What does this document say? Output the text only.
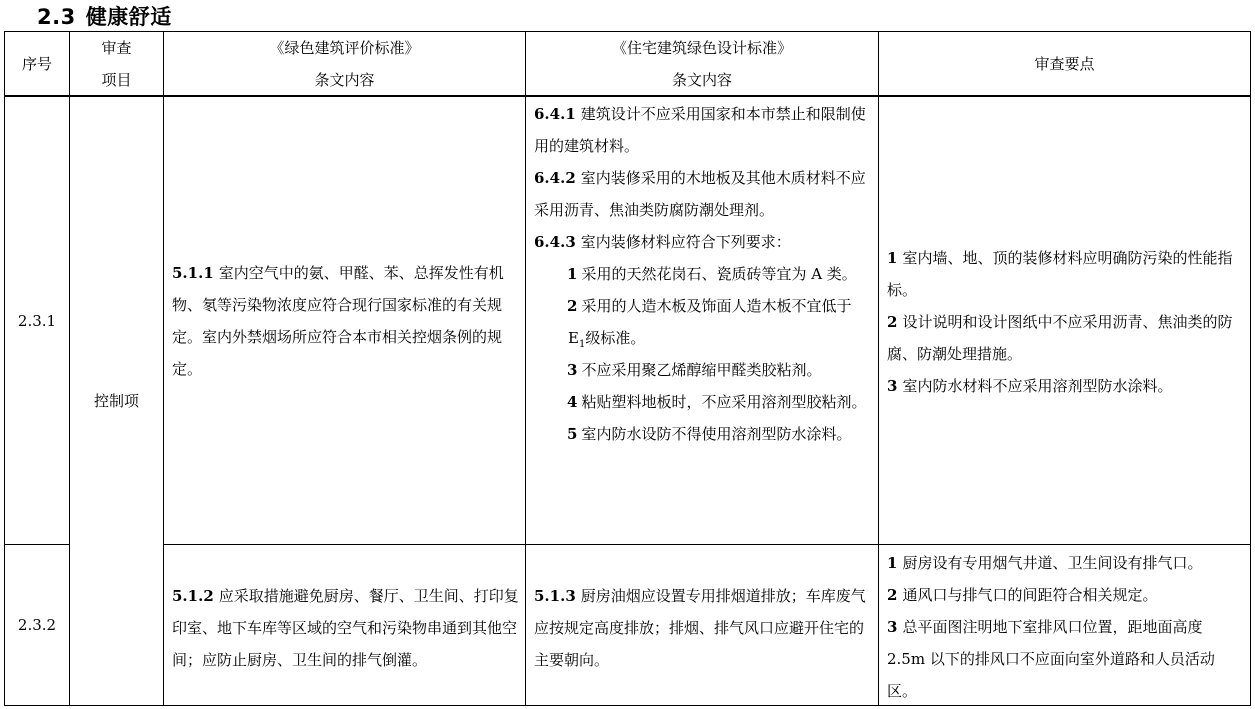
2.3 健康舒适
序号
审查
项目
《绿色建筑评价标准》
条文内容
《住宅建筑绿色设计标准》
条文内容
审查要点
控制项
2.3.1
5.1.1 室内空气中的氨、甲醛、苯、总挥发性有机物、氡等污染物浓度应符合现行国家标准的有关规定。室内外禁烟场所应符合本市相关控烟条例的规定。
6.4.1 建筑设计不应采用国家和本市禁止和限制使用的建筑材料。
6.4.2 室内装修采用的木地板及其他木质材料不应采用沥青、焦油类防腐防潮处理剂。
6.4.3 室内装修材料应符合下列要求：
1 采用的天然花岗石、瓷质砖等宜为 A 类。
2 采用的人造木板及饰面人造木板不宜低于 $E_1$级标准。
3 不应采用聚乙烯醇缩甲醛类胶粘剂。
4 粘贴塑料地板时，不应采用溶剂型胶粘剂。
5 室内防水设防不得使用溶剂型防水涂料。
1 室内墙、地、顶的装修材料应明确防污染的性能指标。
2 设计说明和设计图纸中不应采用沥青、焦油类的防腐、防潮处理措施。
3 室内防水材料不应采用溶剂型防水涂料。
2.3.2
5.1.2 应采取措施避免厨房、餐厅、卫生间、打印复印室、地下车库等区域的空气和污染物串通到其他空间；应防止厨房、卫生间的排气倒灌。
5.1.3 厨房油烟应设置专用排烟道排放；车库废气应按规定高度排放；排烟、排气风口应避开住宅的主要朝向。
1 厨房设有专用烟气井道、卫生间设有排气口。
2 通风口与排气口的间距符合相关规定。
3 总平面图注明地下室排风口位置，距地面高度 2.5m 以下的排风口不应面向室外道路和人员活动区。
